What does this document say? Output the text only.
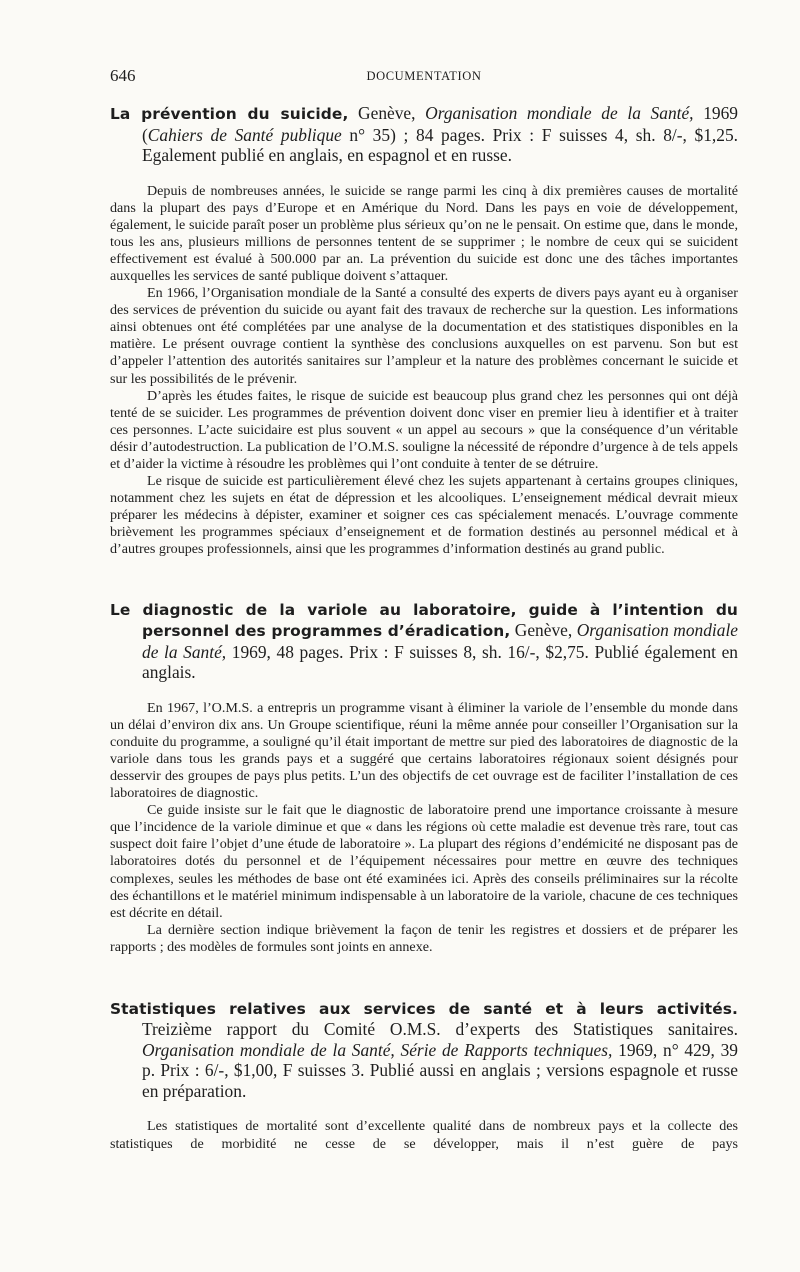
646	DOCUMENTATION

La prévention du suicide, Genève, Organisation mondiale de la Santé, 1969 (Cahiers de Santé publique n° 35) ; 84 pages. Prix : F suisses 4, sh. 8/-, $1,25. Egalement publié en anglais, en espagnol et en russe.

Depuis de nombreuses années, le suicide se range parmi les cinq à dix premières causes de mortalité dans la plupart des pays d’Europe et en Amérique du Nord. Dans les pays en voie de développement, également, le suicide paraît poser un problème plus sérieux qu’on ne le pensait. On estime que, dans le monde, tous les ans, plusieurs millions de personnes tentent de se supprimer ; le nombre de ceux qui se suicident effectivement est évalué à 500.000 par an. La prévention du suicide est donc une des tâches importantes auxquelles les services de santé publique doivent s’attaquer.

En 1966, l’Organisation mondiale de la Santé a consulté des experts de divers pays ayant eu à organiser des services de prévention du suicide ou ayant fait des travaux de recherche sur la question. Les informations ainsi obtenues ont été complétées par une analyse de la documentation et des statistiques disponibles en la matière. Le présent ouvrage contient la synthèse des conclusions auxquelles on est parvenu. Son but est d’appeler l’attention des autorités sanitaires sur l’ampleur et la nature des problèmes concernant le suicide et sur les possibilités de le prévenir.

D’après les études faites, le risque de suicide est beaucoup plus grand chez les personnes qui ont déjà tenté de se suicider. Les programmes de prévention doivent donc viser en premier lieu à identifier et à traiter ces personnes. L’acte suicidaire est plus souvent « un appel au secours » que la conséquence d’un véritable désir d’autodestruction. La publication de l’O.M.S. souligne la nécessité de répondre d’urgence à de tels appels et d’aider la victime à résoudre les problèmes qui l’ont conduite à tenter de se détruire.

Le risque de suicide est particulièrement élevé chez les sujets appartenant à certains groupes cliniques, notamment chez les sujets en état de dépression et les alcooliques. L’enseignement médical devrait mieux préparer les médecins à dépister, examiner et soigner ces cas spécialement menacés. L’ouvrage commente brièvement les programmes spéciaux d’enseignement et de formation destinés au personnel médical et à d’autres groupes professionnels, ainsi que les programmes d’information destinés au grand public.

Le diagnostic de la variole au laboratoire, guide à l’intention du personnel des programmes d’éradication, Genève, Organisation mondiale de la Santé, 1969, 48 pages. Prix : F suisses 8, sh. 16/-, $2,75. Publié également en anglais.

En 1967, l’O.M.S. a entrepris un programme visant à éliminer la variole de l’ensemble du monde dans un délai d’environ dix ans. Un Groupe scientifique, réuni la même année pour conseiller l’Organisation sur la conduite du programme, a souligné qu’il était important de mettre sur pied des laboratoires de diagnostic de la variole dans tous les grands pays et a suggéré que certains laboratoires régionaux soient désignés pour desservir des groupes de pays plus petits. L’un des objectifs de cet ouvrage est de faciliter l’installation de ces laboratoires de diagnostic.

Ce guide insiste sur le fait que le diagnostic de laboratoire prend une importance croissante à mesure que l’incidence de la variole diminue et que « dans les régions où cette maladie est devenue très rare, tout cas suspect doit faire l’objet d’une étude de laboratoire ». La plupart des régions d’endémicité ne disposant pas de laboratoires dotés du personnel et de l’équipement nécessaires pour mettre en œuvre des techniques complexes, seules les méthodes de base ont été examinées ici. Après des conseils préliminaires sur la récolte des échantillons et le matériel minimum indispensable à un laboratoire de la variole, chacune de ces techniques est décrite en détail.

La dernière section indique brièvement la façon de tenir les registres et dossiers et de préparer les rapports ; des modèles de formules sont joints en annexe.

Statistiques relatives aux services de santé et à leurs activités. Treizième rapport du Comité O.M.S. d’experts des Statistiques sanitaires. Organisation mondiale de la Santé, Série de Rapports techniques, 1969, n° 429, 39 p. Prix : 6/-, $1,00, F suisses 3. Publié aussi en anglais ; versions espagnole et russe en préparation.

Les statistiques de mortalité sont d’excellente qualité dans de nombreux pays et la collecte des statistiques de morbidité ne cesse de se développer, mais il n’est guère de pays
